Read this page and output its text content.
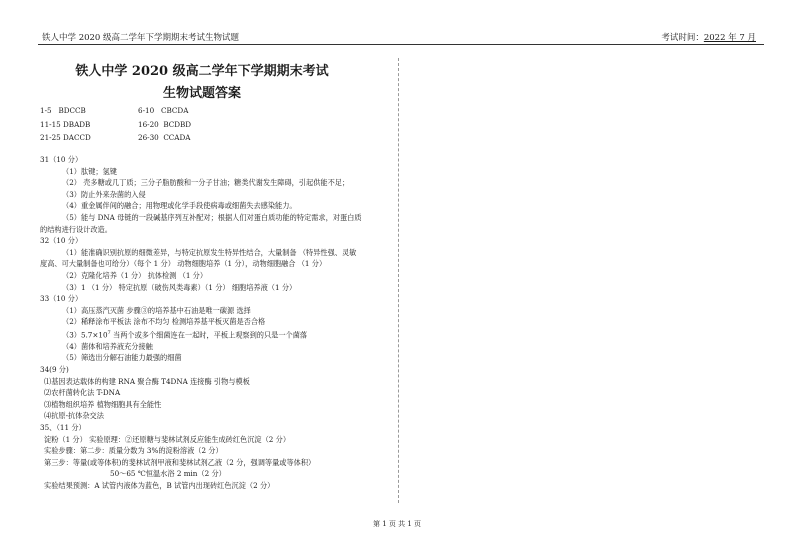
铁人中学 2020 级高二学年下学期期末考试生物试题	考试时间：2022 年 7 月
铁人中学 2020 级高二学年下学期期末考试
生物试题答案
1-5 BDCCB	6-10 CBCDA
11-15 DBADB	16-20 BCDBD
21-25 DACCD	26-30 CCADA
31（10 分）
（1）肽键；氢键
（2） 壳多糖或几丁质；三分子脂肪酸和一分子甘油；糖类代谢发生障碍，引起供能不足；
（3）防止外来杂菌的入侵
（4）重金属伴间的融合；用物理或化学手段使病毒或细菌失去感染能力。
（5）能与 DNA 母链的一段碱基序列互补配对；根据人们对蛋白质功能的特定需求，对蛋白质
的结构进行设计改造。
32（10 分）
（1）能准确识别抗原的细微差异，与特定抗原发生特异性结合，大量制备 （特异性强、灵敏
度高、可大量制备也可给分）（每个 1 分） 动物细胞培养（1 分），动物细胞融合 （1 分）
（2）克隆化培养（1 分） 抗体检测 （1 分）
（3）1 （1 分） 特定抗原（破伤风类毒素）（1 分） 细胞培养液（1 分）
33（10 分）
（1）高压蒸汽灭菌 步骤③的培养基中石油是唯一碳源 选择
（2）稀释涂布平板法 涂布不均匀 检测培养基平板灭菌是否合格
$(3)5.7\times 10^7$ 当两个或多个细菌连在一起时，平板上观察到的只是一个菌落
（4）菌体和培养液充分接触
（5）筛选出分解石油能力最强的细菌
34(9 分)
⑴基因表达载体的构建 RNA 聚合酶 T4DNA 连接酶 引物与模板
⑵农杆菌转化法 T-DNA
⑶植物组织培养 植物细胞具有全能性
⑷抗原-抗体杂交法
35、（11 分）
淀粉（1 分） 实验原理：②还原糖与斐林试剂反应能生成砖红色沉淀（2 分）
实验步骤：第二步：质量分数为 3%的淀粉溶液（2 分）
第三步：等量(或等体积)的斐林试剂甲液和斐林试剂乙液（2 分，强调等量或等体积）
50～65 ℃恒温水浴 2 min（2 分）
实验结果预测：A 试管内液体为蓝色，B 试管内出现砖红色沉淀（2 分）
第 1 页 共 1 页
